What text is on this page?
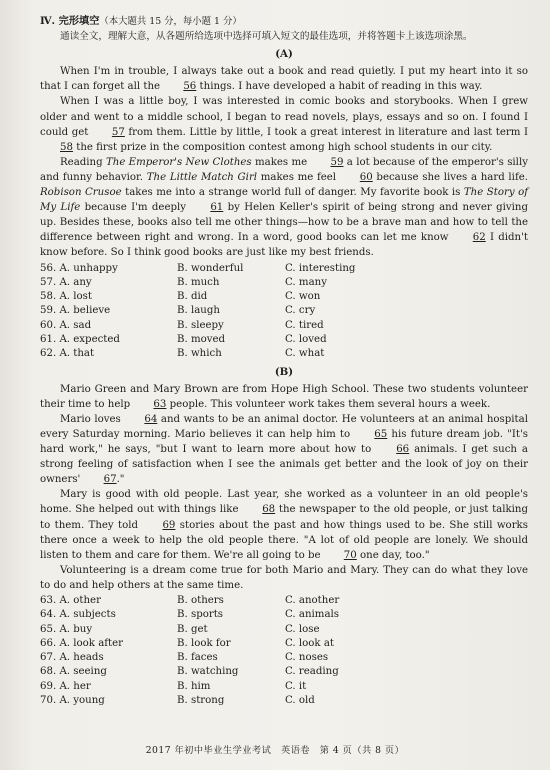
Ⅳ. 完形填空（本大题共 15 分，每小题 1 分）

通读全文，理解大意，从各题所给选项中选择可填入短文的最佳选项，并将答题卡上该选项涂黑。

(A)

When I'm in trouble, I always take out a book and read quietly. I put my heart into it so that I can forget all the 56 things. I have developed a habit of reading in this way.

When I was a little boy, I was interested in comic books and storybooks. When I grew older and went to a middle school, I began to read novels, plays, essays and so on. I found I could get 57 from them. Little by little, I took a great interest in literature and last term I 58 the first prize in the composition contest among high school students in our city.

Reading The Emperor's New Clothes makes me 59 a lot because of the emperor's silly and funny behavior. The Little Match Girl makes me feel 60 because she lives a hard life. Robison Crusoe takes me into a strange world full of danger. My favorite book is The Story of My Life because I'm deeply 61 by Helen Keller's spirit of being strong and never giving up. Besides these, books also tell me other things—how to be a brave man and how to tell the difference between right and wrong. In a word, good books can let me know 62 I didn't know before. So I think good books are just like my best friends.

56. A. unhappy	B. wonderful	C. interesting
57. A. any	B. much	C. many
58. A. lost	B. did	C. won
59. A. believe	B. laugh	C. cry
60. A. sad	B. sleepy	C. tired
61. A. expected	B. moved	C. loved
62. A. that	B. which	C. what
(B)

Mario Green and Mary Brown are from Hope High School. These two students volunteer their time to help 63 people. This volunteer work takes them several hours a week.

Mario loves 64 and wants to be an animal doctor. He volunteers at an animal hospital every Saturday morning. Mario believes it can help him to 65 his future dream job. "It's hard work," he says, "but I want to learn more about how to 66 animals. I get such a strong feeling of satisfaction when I see the animals get better and the look of joy on their owners' 67."

Mary is good with old people. Last year, she worked as a volunteer in an old people's home. She helped out with things like 68 the newspaper to the old people, or just talking to them. They told 69 stories about the past and how things used to be. She still works there once a week to help the old people there. "A lot of old people are lonely. We should listen to them and care for them. We're all going to be 70 one day, too."

Volunteering is a dream come true for both Mario and Mary. They can do what they love to do and help others at the same time.

63. A. other	B. others	C. another
64. A. subjects	B. sports	C. animals
65. A. buy	B. get	C. lose
66. A. look after	B. look for	C. look at
67. A. heads	B. faces	C. noses
68. A. seeing	B. watching	C. reading
69. A. her	B. him	C. it
70. A. young	B. strong	C. old
2017 年初中毕业生学业考试　英语卷　第 4 页（共 8 页）
